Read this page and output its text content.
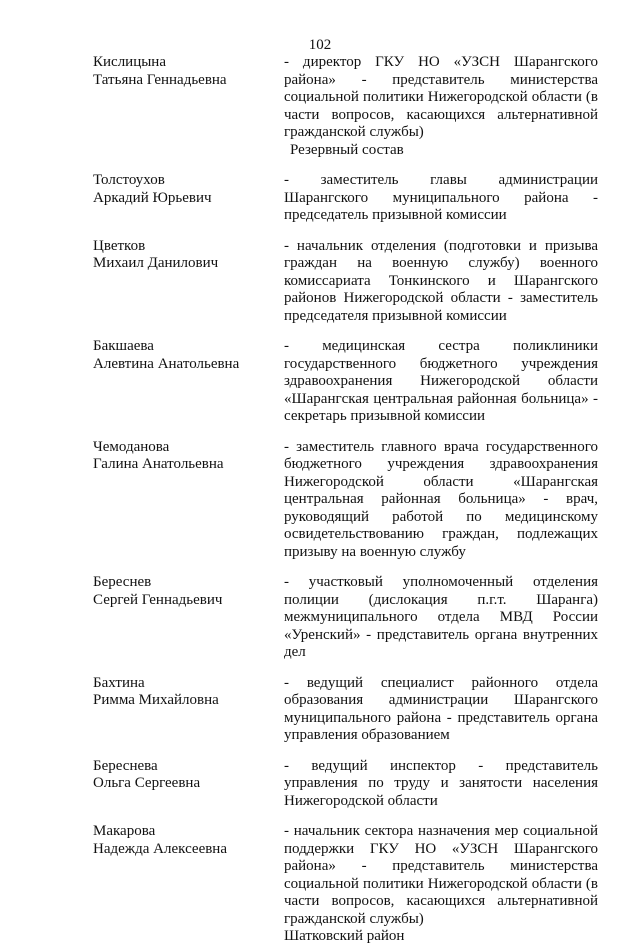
102
Кислицына
Татьяна Геннадьевна
- директор ГКУ НО «УЗСН Шарангского района» - представитель министерства социальной политики Нижегородской области (в части вопросов, касающихся альтернативной гражданской службы)
Резервный состав
Толстоухов
Аркадий Юрьевич
- заместитель главы администрации Шарангского муниципального района - председатель призывной комиссии
Цветков
Михаил Данилович
- начальник отделения (подготовки и призыва граждан на военную службу) военного комиссариата Тонкинского и Шарангского районов Нижегородской области - заместитель председателя призывной комиссии
Бакшаева
Алевтина Анатольевна
- медицинская сестра поликлиники государственного бюджетного учреждения здравоохранения Нижегородской области «Шарангская центральная районная больница» - секретарь призывной комиссии
Чемоданова
Галина Анатольевна
- заместитель главного врача государственного бюджетного учреждения здравоохранения Нижегородской области «Шарангская центральная районная больница» - врач, руководящий работой по медицинскому освидетельствованию граждан, подлежащих призыву на военную службу
Береснев
Сергей Геннадьевич
- участковый уполномоченный отделения полиции (дислокация п.г.т. Шаранга) межмуниципального отдела МВД России «Уренский» - представитель органа внутренних дел
Бахтина
Римма Михайловна
- ведущий специалист районного отдела образования администрации Шарангского муниципального района - представитель органа управления образованием
Береснева
Ольга Сергеевна
- ведущий инспектор - представитель управления по труду и занятости населения Нижегородской области
Макарова
Надежда Алексеевна
- начальник сектора назначения мер социальной поддержки ГКУ НО «УЗСН Шарангского района» - представитель министерства социальной политики Нижегородской области (в части вопросов, касающихся альтернативной гражданской службы)
Шатковский район
